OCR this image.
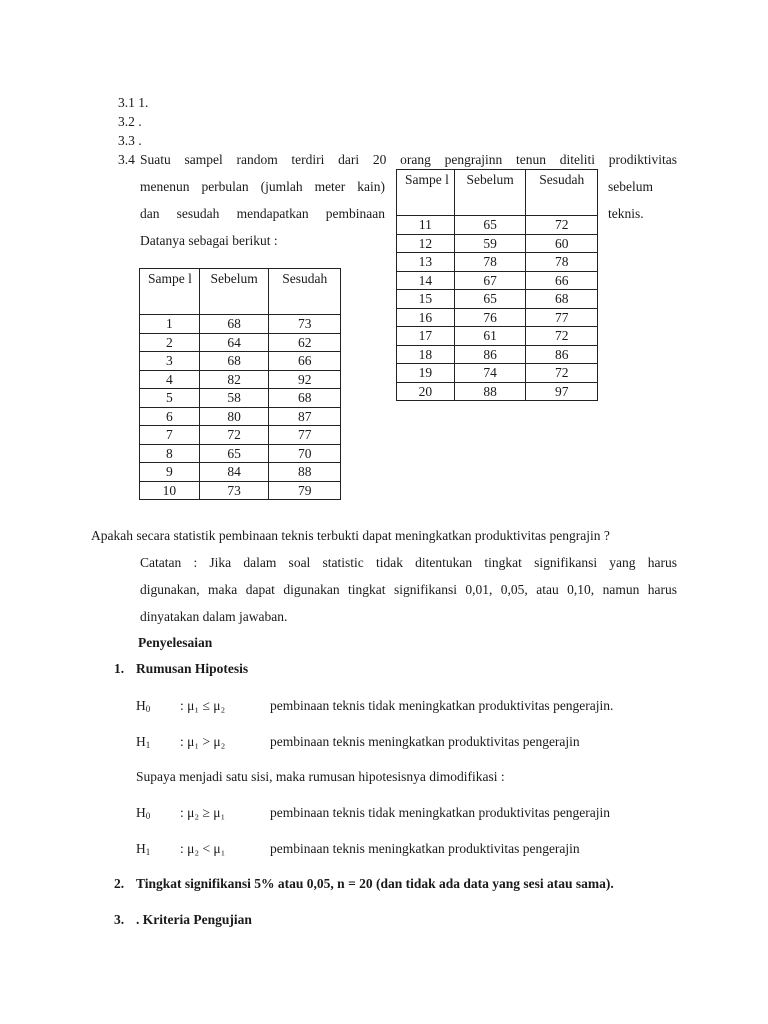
3.1 1.
3.2 .
3.3 .
3.4 Suatu sampel random terdiri dari 20 orang pengrajinn tenun diteliti prodiktivitas
menenun perbulan (jumlah meter kain)	sebelum
dan sesudah mendapatkan pembinaan	teknis.
Datanya sebagai berikut :
Sampe l	Sebelum	Sesudah
1	68	73
2	64	62
3	68	66
4	82	92
5	58	68
6	80	87
7	72	77
8	65	70
9	84	88
10	73	79
Sampe l	Sebelum	Sesudah
11	65	72
12	59	60
13	78	78
14	67	66
15	65	68
16	76	77
17	61	72
18	86	86
19	74	72
20	88	97
Apakah secara statistik pembinaan teknis terbukti dapat meningkatkan produktivitas pengrajin ?
Catatan : Jika dalam soal statistic tidak ditentukan tingkat signifikansi yang harus
digunakan, maka dapat digunakan tingkat signifikansi 0,01, 0,05, atau 0,10, namun harus
dinyatakan dalam jawaban.
Penyelesaian
1. Rumusan Hipotesis
$H_0$ : μ₁ ≤ μ₂	pembinaan teknis tidak meningkatkan produktivitas pengerajin.
$H_1$ : μ₁ > μ₂	pembinaan teknis meningkatkan produktivitas pengerajin
Supaya menjadi satu sisi, maka rumusan hipotesisnya dimodifikasi :
$H_0$ : μ₂ ≥ μ₁	pembinaan teknis tidak meningkatkan produktivitas pengerajin
$H_1$ : μ₂ < μ₁	pembinaan teknis meningkatkan produktivitas pengerajin
2. Tingkat signifikansi 5% atau 0,05, n = 20 (dan tidak ada data yang sesi atau sama).
3. . Kriteria Pengujian
